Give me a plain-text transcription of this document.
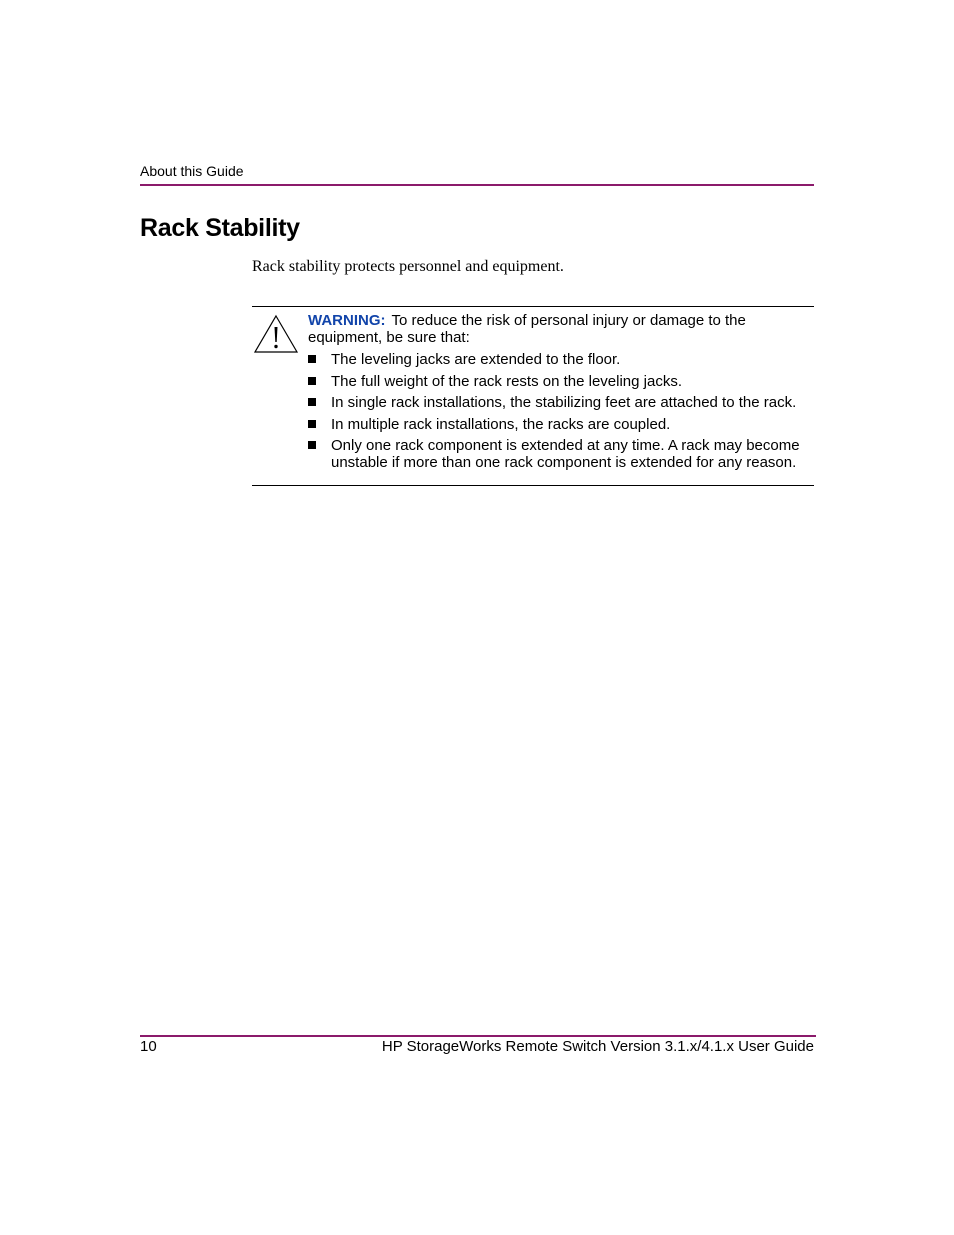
About this Guide
Rack Stability

Rack stability protects personnel and equipment.

WARNING: To reduce the risk of personal injury or damage to the equipment, be sure that:
The leveling jacks are extended to the floor.
The full weight of the rack rests on the leveling jacks.
In single rack installations, the stabilizing feet are attached to the rack.
In multiple rack installations, the racks are coupled.
Only one rack component is extended at any time. A rack may become unstable if more than one rack component is extended for any reason.
10	HP StorageWorks Remote Switch Version 3.1.x/4.1.x User Guide
